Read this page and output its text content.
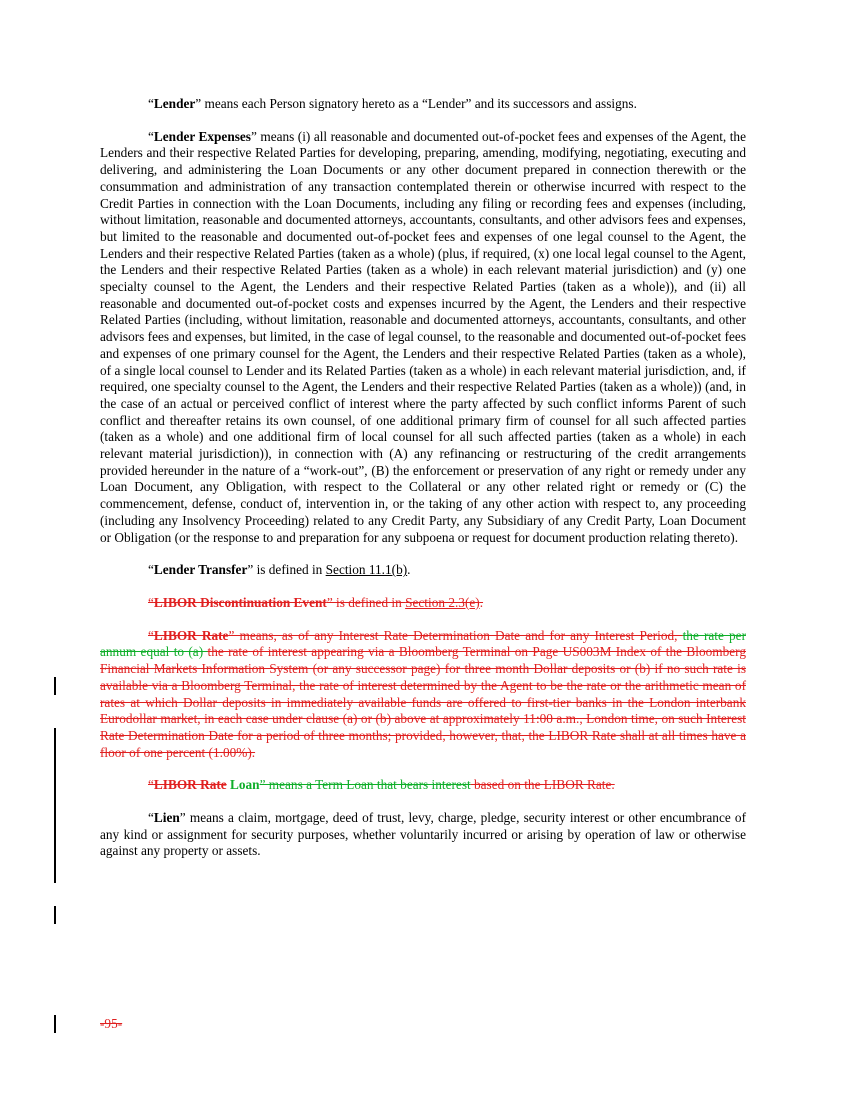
“Lender” means each Person signatory hereto as a “Lender” and its successors and assigns.

“Lender Expenses” means (i) all reasonable and documented out-of-pocket fees and expenses of the Agent, the Lenders and their respective Related Parties for developing, preparing, amending, modifying, negotiating, executing and delivering, and administering the Loan Documents or any other document prepared in connection therewith or the consummation and administration of any transaction contemplated therein or otherwise incurred with respect to the Credit Parties in connection with the Loan Documents, including any filing or recording fees and expenses (including, without limitation, reasonable and documented attorneys, accountants, consultants, and other advisors fees and expenses, but limited to the reasonable and documented out-of-pocket fees and expenses of one legal counsel to the Agent, the Lenders and their respective Related Parties (taken as a whole) (plus, if required, (x) one local legal counsel to the Agent, the Lenders and their respective Related Parties (taken as a whole) in each relevant material jurisdiction) and (y) one specialty counsel to the Agent, the Lenders and their respective Related Parties (taken as a whole)), and (ii) all reasonable and documented out-of-pocket costs and expenses incurred by the Agent, the Lenders and their respective Related Parties (including, without limitation, reasonable and documented attorneys, accountants, consultants, and other advisors fees and expenses, but limited, in the case of legal counsel, to the reasonable and documented out-of-pocket fees and expenses of one primary counsel for the Agent, the Lenders and their respective Related Parties (taken as a whole), of a single local counsel to Lender and its Related Parties (taken as a whole) in each relevant material jurisdiction, and, if required, one specialty counsel to the Agent, the Lenders and their respective Related Parties (taken as a whole)) (and, in the case of an actual or perceived conflict of interest where the party affected by such conflict informs Parent of such conflict and thereafter retains its own counsel, of one additional primary firm of counsel for all such affected parties (taken as a whole) and one additional firm of local counsel for all such affected parties (taken as a whole) in each relevant material jurisdiction)), in connection with (A) any refinancing or restructuring of the credit arrangements provided hereunder in the nature of a “work-out”, (B) the enforcement or preservation of any right or remedy under any Loan Document, any Obligation, with respect to the Collateral or any other related right or remedy or (C) the commencement, defense, conduct of, intervention in, or the taking of any other action with respect to, any proceeding (including any Insolvency Proceeding) related to any Credit Party, any Subsidiary of any Credit Party, Loan Document or Obligation (or the response to and preparation for any subpoena or request for document production relating thereto).

“Lender Transfer” is defined in Section 11.1(b).

“LIBOR Discontinuation Event” is defined in Section 2.3(e).

“LIBOR Rate” means, as of any Interest Rate Determination Date and for any Interest Period, the rate per annum equal to (a) the rate of interest appearing via a Bloomberg Terminal on Page US003M Index of the Bloomberg Financial Markets Information System (or any successor page) for three month Dollar deposits or (b) if no such rate is available via a Bloomberg Terminal, the rate of interest determined by the Agent to be the rate or the arithmetic mean of rates at which Dollar deposits in immediately available funds are offered to first-tier banks in the London interbank Eurodollar market, in each case under clause (a) or (b) above at approximately 11:00 a.m., London time, on such Interest Rate Determination Date for a period of three months; provided, however, that, the LIBOR Rate shall at all times have a floor of one percent (1.00%).

“LIBOR Rate Loan” means a Term Loan that bears interest based on the LIBOR Rate.

“Lien” means a claim, mortgage, deed of trust, levy, charge, pledge, security interest or other encumbrance of any kind or assignment for security purposes, whether voluntarily incurred or arising by operation of law or otherwise against any property or assets.

-95-
